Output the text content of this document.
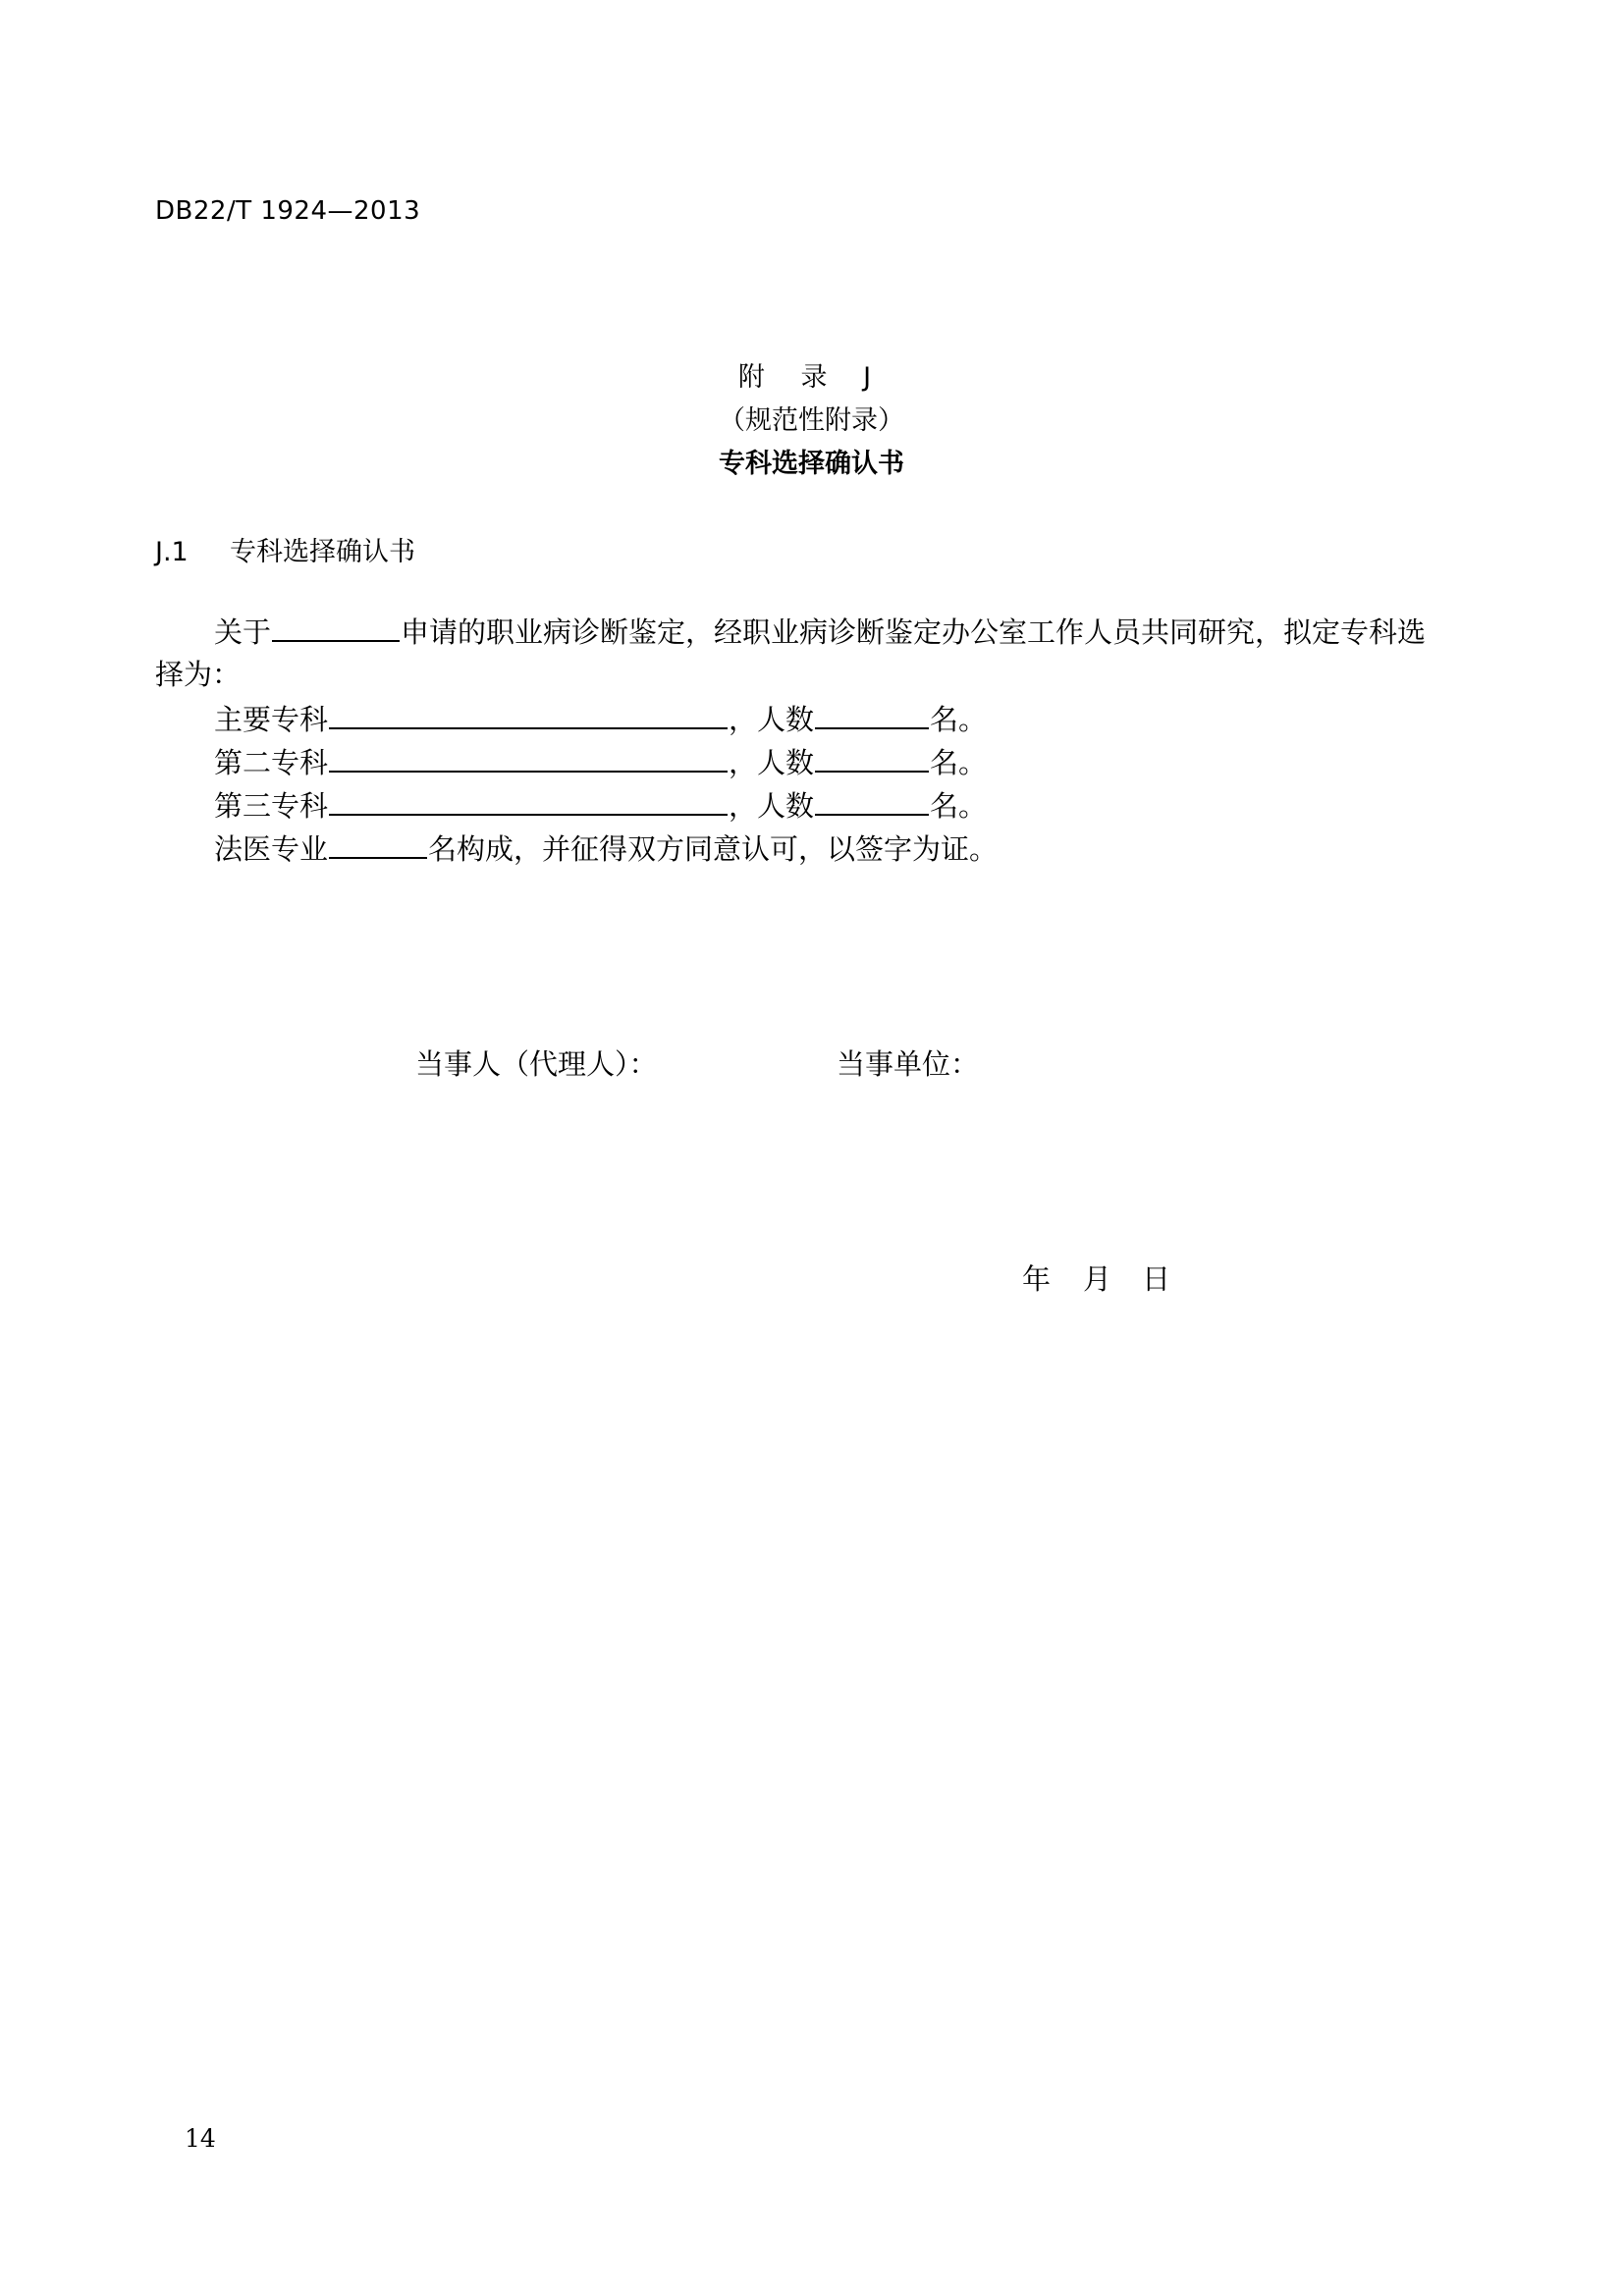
DB22/T 1924—2013
附 录 J
（规范性附录）
专科选择确认书
J.1 专科选择确认书
关于	申请的职业病诊断鉴定，经职业病诊断鉴定办公室工作人员共同研究，拟定专科选
择为：
主要专科	，人数	名。
第二专科	，人数	名。
第三专科	，人数	名。
法医专业	名构成，并征得双方同意认可，以签字为证。
当事人（代理人）：	当事单位：
年 月 日
14
